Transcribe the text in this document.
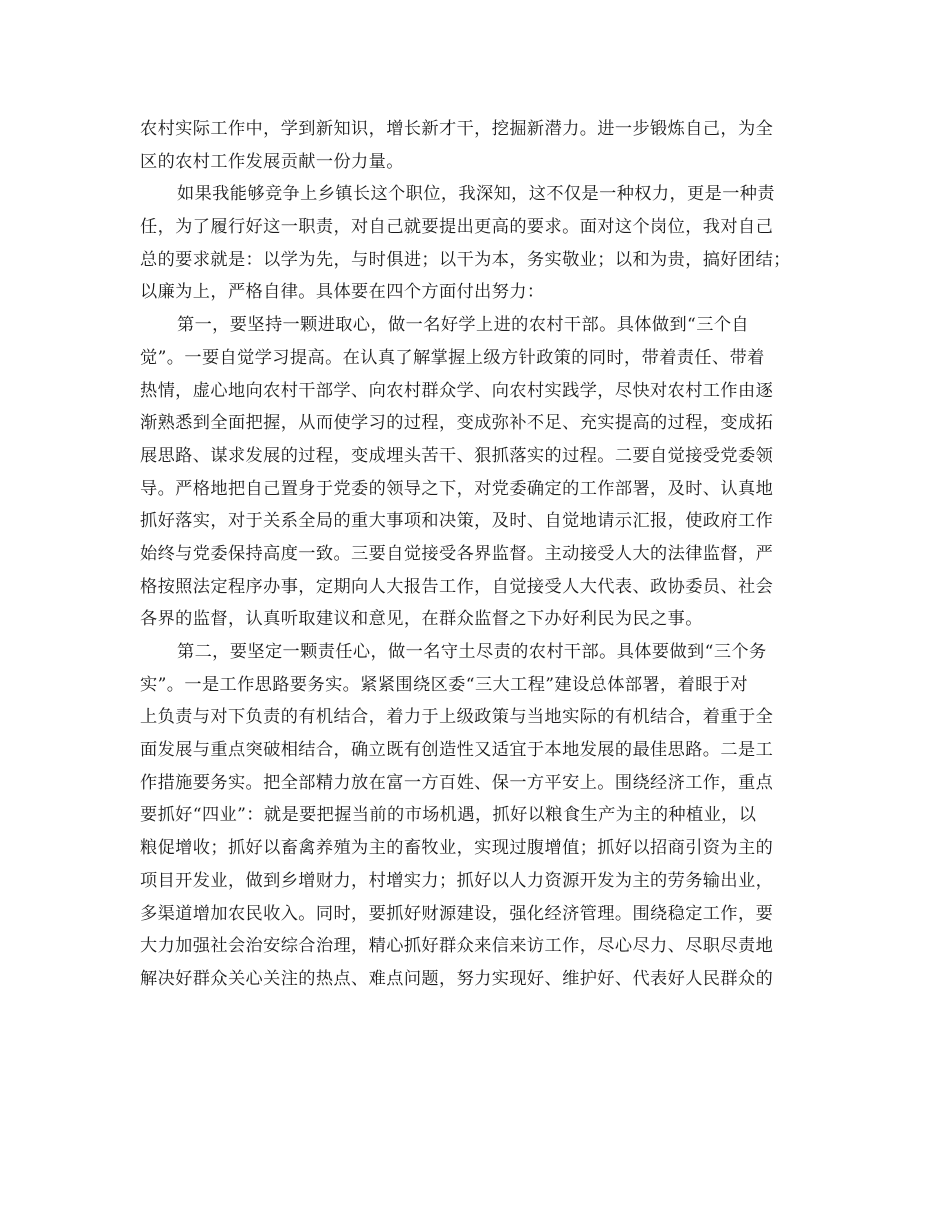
农村实际工作中，学到新知识，增长新才干，挖掘新潜力。进一步锻炼自己，为全
区的农村工作发展贡献一份力量。
如果我能够竞争上乡镇长这个职位，我深知，这不仅是一种权力，更是一种责
任，为了履行好这一职责，对自己就要提出更高的要求。面对这个岗位，我对自己
总的要求就是：以学为先，与时俱进；以干为本，务实敬业；以和为贵，搞好团结；
以廉为上，严格自律。具体要在四个方面付出努力：
第一，要坚持一颗进取心，做一名好学上进的农村干部。具体做到“三个自
觉”。一要自觉学习提高。在认真了解掌握上级方针政策的同时，带着责任、带着
热情，虚心地向农村干部学、向农村群众学、向农村实践学，尽快对农村工作由逐
渐熟悉到全面把握，从而使学习的过程，变成弥补不足、充实提高的过程，变成拓
展思路、谋求发展的过程，变成埋头苦干、狠抓落实的过程。二要自觉接受党委领
导。严格地把自己置身于党委的领导之下，对党委确定的工作部署，及时、认真地
抓好落实，对于关系全局的重大事项和决策，及时、自觉地请示汇报，使政府工作
始终与党委保持高度一致。三要自觉接受各界监督。主动接受人大的法律监督，严
格按照法定程序办事，定期向人大报告工作，自觉接受人大代表、政协委员、社会
各界的监督，认真听取建议和意见，在群众监督之下办好利民为民之事。
第二，要坚定一颗责任心，做一名守土尽责的农村干部。具体要做到“三个务
实”。一是工作思路要务实。紧紧围绕区委“三大工程”建设总体部署，着眼于对
上负责与对下负责的有机结合，着力于上级政策与当地实际的有机结合，着重于全
面发展与重点突破相结合，确立既有创造性又适宜于本地发展的最佳思路。二是工
作措施要务实。把全部精力放在富一方百姓、保一方平安上。围绕经济工作，重点
要抓好“四业”：就是要把握当前的市场机遇，抓好以粮食生产为主的种植业，以
粮促增收；抓好以畜禽养殖为主的畜牧业，实现过腹增值；抓好以招商引资为主的
项目开发业，做到乡增财力，村增实力；抓好以人力资源开发为主的劳务输出业，
多渠道增加农民收入。同时，要抓好财源建设，强化经济管理。围绕稳定工作，要
大力加强社会治安综合治理，精心抓好群众来信来访工作，尽心尽力、尽职尽责地
解决好群众关心关注的热点、难点问题，努力实现好、维护好、代表好人民群众的
